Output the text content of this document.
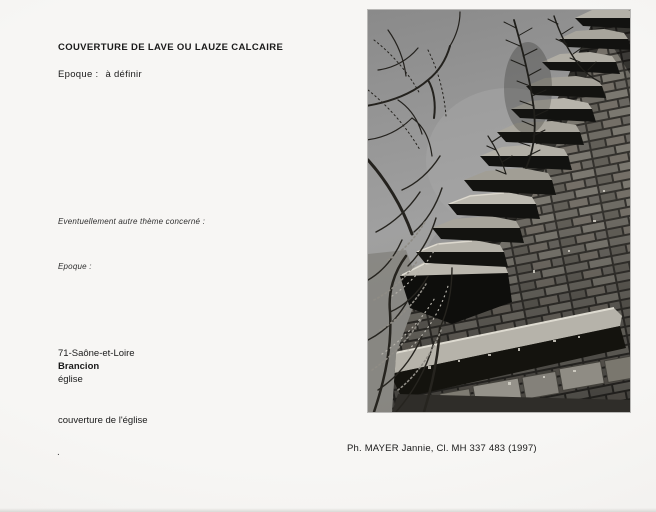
COUVERTURE DE LAVE OU LAUZE CALCAIRE
Epoque : à définir
Eventuellement autre thème concerné :
Epoque :
71-Saône-et-Loire
Brancion
église
couverture de l'église
.	Ph. MAYER Jannie, Cl. MH 337 483 (1997)
